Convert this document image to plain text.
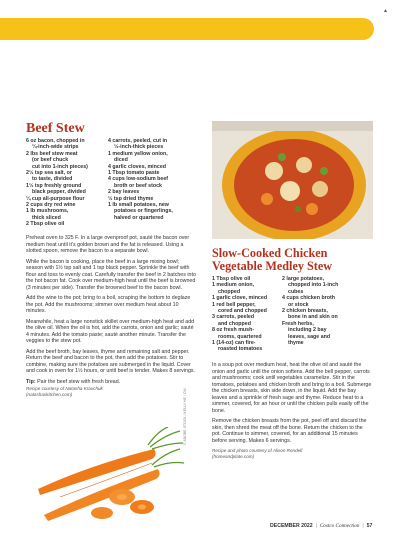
▲
Beef Stew
6 oz bacon, chopped in
¼-inch-wide strips
2 lbs beef stew meat
(or beef chuck
cut into 1-inch pieces)
2½ tsp sea salt, or
to taste, divided
1½ tsp freshly ground
black pepper, divided
¼ cup all-purpose flour
2 cups dry red wine
1 lb mushrooms,
thick sliced
2 Tbsp olive oil
4 carrots, peeled, cut in
½-inch-thick pieces
1 medium yellow onion,
diced
4 garlic cloves, minced
1 Tbsp tomato paste
4 cups low-sodium beef
broth or beef stock
2 bay leaves
½ tsp dried thyme
1 lb small potatoes, new
potatoes or fingerlings,
halved or quartered

Preheat oven to 325 F. In a large ovenproof pot, sauté the bacon over medium heat until it’s golden brown and the fat is released. Using a slotted spoon, remove the bacon to a separate bowl.

While the bacon is cooking, place the beef in a large mixing bowl; season with 1½ tsp salt and 1 tsp black pepper. Sprinkle the beef with flour and toss to evenly coat. Carefully transfer the beef in 2 batches into the hot bacon fat. Cook over medium-high heat until the beef is browned (3 minutes per side). Transfer the browned beef to the bacon bowl.

Add the wine to the pot; bring to a boil, scraping the bottom to deglaze the pot. Add the mushrooms; simmer over medium heat about 10 minutes.

Meanwhile, heat a large nonstick skillet over medium-high heat and add the olive oil. When the oil is hot, add the carrots, onion and garlic; sauté 4 minutes. Add the tomato paste; sauté another minute. Transfer the veggies to the stew pot.

Add the beef broth, bay leaves, thyme and remaining salt and pepper. Return the beef and bacon to the pot, then add the potatoes. Stir to combine, making sure the potatoes are submerged in the liquid. Cover and cook in oven for 1½ hours, or until beef is tender. Makes 8 servings.

Tip: Pair the beef stew with fresh bread.

Recipe courtesy of Natasha Kravchuk
(natashaskitchen.com)	© ADOBE STOCK / KELLY HE / CW
Slow-Cooked Chicken
Vegetable Medley Stew
1 Tbsp olive oil
1 medium onion,
chopped
1 garlic clove, minced
1 red bell pepper,
cored and chopped
3 carrots, peeled
and chopped
8 oz fresh mush-
rooms, quartered
1 (14-oz) can fire-
roasted tomatoes
2 large potatoes,
chopped into 1-inch
cubes
4 cups chicken broth
or stock
2 chicken breasts,
bone in and skin on
Fresh herbs,
including 2 bay
leaves, sage and
thyme

In a soup pot over medium heat, heat the olive oil and sauté the onion and garlic until the onion softens. Add the bell pepper, carrots and mushrooms; cook until vegetables caramelize. Stir in the tomatoes, potatoes and chicken broth and bring to a boil. Submerge the chicken breasts, skin side down, in the liquid. Add the bay leaves and a sprinkle of fresh sage and thyme. Reduce heat to a simmer, covered, for an hour or until the chicken pulls easily off the bone.

Remove the chicken breasts from the pot, peel off and discard the skin, then shred the meat off the bone. Return the chicken to the pot. Continue to simmer, covered, for an additional 15 minutes before serving. Makes 6 servings.

Recipe and photo courtesy of Alison Rendell
(homeandplate.com)
DECEMBER 2022  |  Costco Connection  |  57
